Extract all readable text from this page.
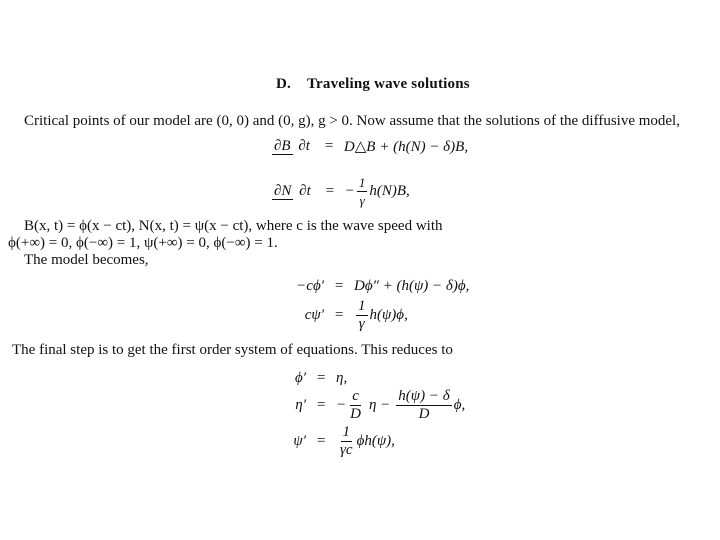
D. Traveling wave solutions
Critical points of our model are (0, 0) and (0, g), g > 0. Now assume that the solutions of the diffusive model,
∂B ∂t = D△B + (h(N) − δ)B,
∂N ∂t = − $\frac{1}{\gamma} h(N)B$,
B(x, t) = ϕ(x − ct), N(x, t) = ψ(x − ct), where c is the wave speed with
ϕ(+∞) = 0, ϕ(−∞) = 1, ψ(+∞) = 0, ϕ(−∞) = 1.
The model becomes,
−cϕ′ = Dϕ″ + (h(ψ) − δ)ϕ,
$c\psi' = \frac{1}{\gamma} h(\psi)\phi$,
The final step is to get the first order system of equations. This reduces to
ϕ′ = η,
η′ = − $\frac{c}{D}$ $\eta - \frac{h(\psi) - \delta}{D} \phi$,
$\psi' = \frac{1}{\gamma c} \phi h(\psi)$,
